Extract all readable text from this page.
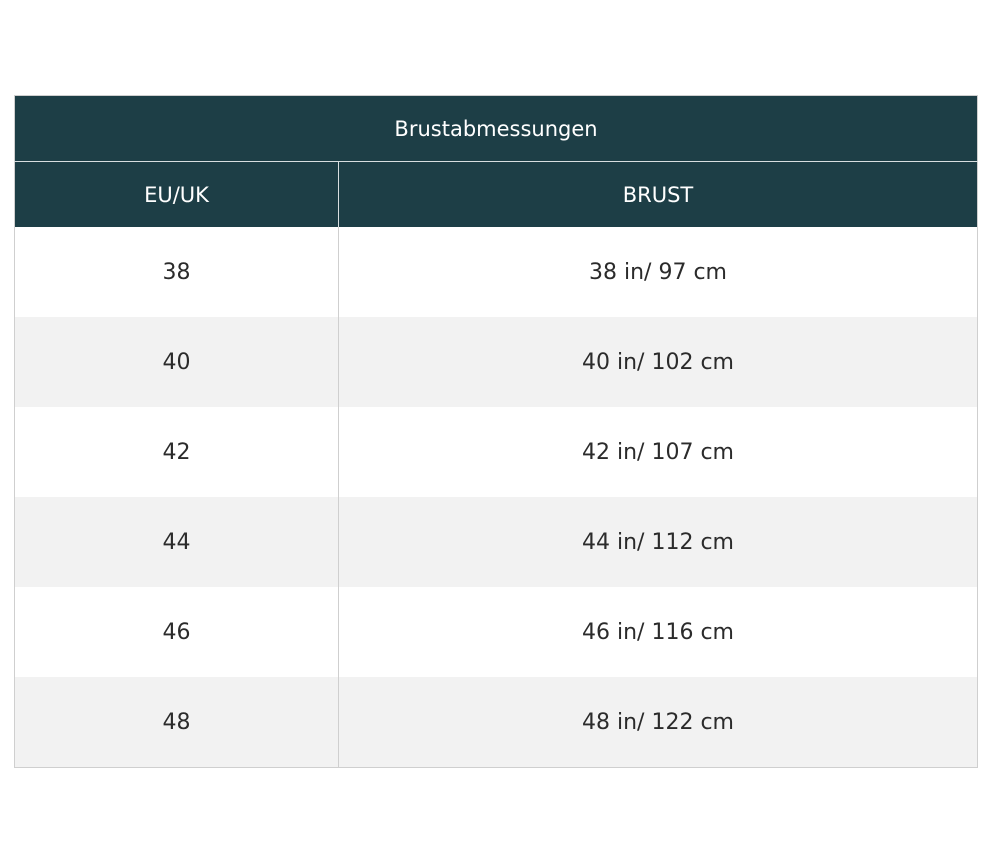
Brustabmessungen	
EU/UK	BRUST
38	38 in/ 97 cm
40	40 in/ 102 cm
42	42 in/ 107 cm
44	44 in/ 112 cm
46	46 in/ 116 cm
48	48 in/ 122 cm
